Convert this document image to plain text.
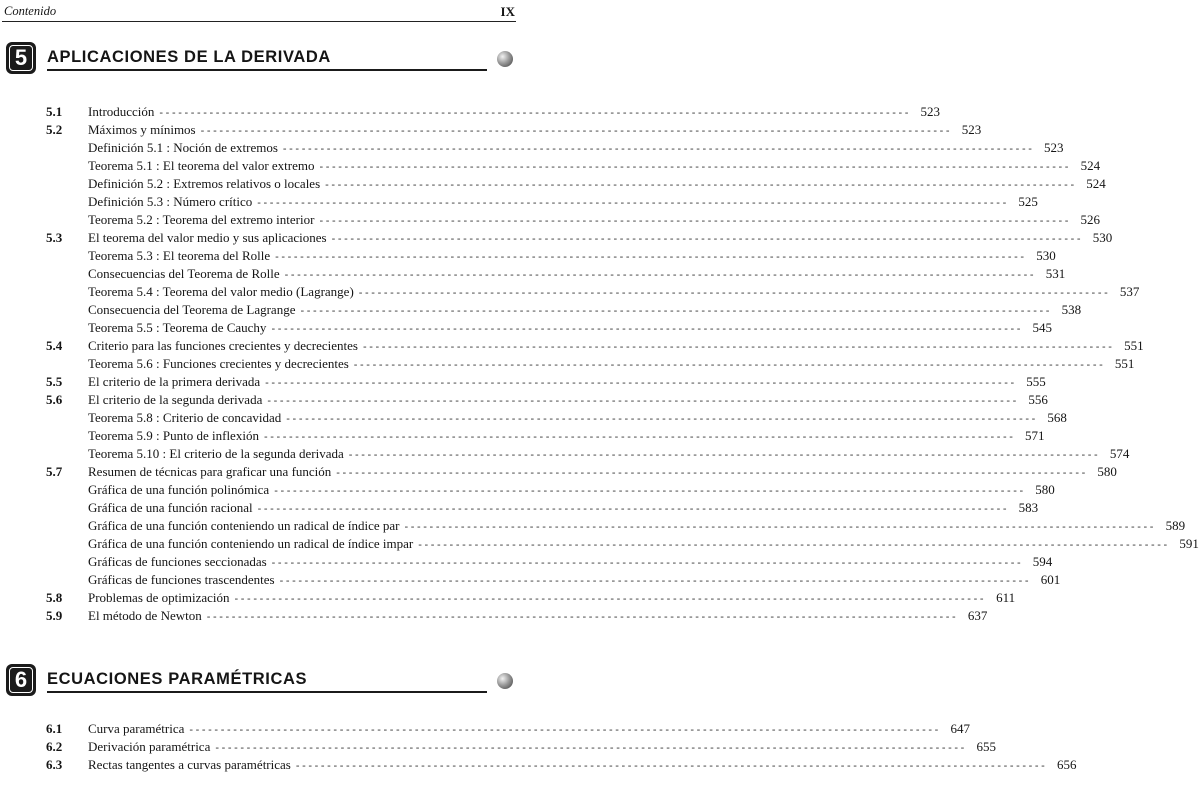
Contenido	IX
5	APLICACIONES DE LA DERIVADA
5.1 Introducción ------------------------------------------------------------------------------------------------------------------------ 523
5.2 Máximos y mínimos ------------------------------------------------------------------------------------------------------------------------ 523
Definición 5.1 : Noción de extremos ------------------------------------------------------------------------------------------------------------------------ 523
Teorema 5.1 : El teorema del valor extremo ------------------------------------------------------------------------------------------------------------------------ 524
Definición 5.2 : Extremos relativos o locales ------------------------------------------------------------------------------------------------------------------------ 524
Definición 5.3 : Número crítico ------------------------------------------------------------------------------------------------------------------------ 525
Teorema 5.2 : Teorema del extremo interior ------------------------------------------------------------------------------------------------------------------------ 526
5.3 El teorema del valor medio y sus aplicaciones ------------------------------------------------------------------------------------------------------------------------ 530
Teorema 5.3 : El teorema del Rolle ------------------------------------------------------------------------------------------------------------------------ 530
Consecuencias del Teorema de Rolle ------------------------------------------------------------------------------------------------------------------------ 531
Teorema 5.4 : Teorema del valor medio (Lagrange) ------------------------------------------------------------------------------------------------------------------------ 537
Consecuencia del Teorema de Lagrange ------------------------------------------------------------------------------------------------------------------------ 538
Teorema 5.5 : Teorema de Cauchy ------------------------------------------------------------------------------------------------------------------------ 545
5.4 Criterio para las funciones crecientes y decrecientes ------------------------------------------------------------------------------------------------------------------------ 551
Teorema 5.6 : Funciones crecientes y decrecientes ------------------------------------------------------------------------------------------------------------------------ 551
5.5 El criterio de la primera derivada ------------------------------------------------------------------------------------------------------------------------ 555
5.6 El criterio de la segunda derivada ------------------------------------------------------------------------------------------------------------------------ 556
Teorema 5.8 : Criterio de concavidad ------------------------------------------------------------------------------------------------------------------------ 568
Teorema 5.9 : Punto de inflexión ------------------------------------------------------------------------------------------------------------------------ 571
Teorema 5.10 : El criterio de la segunda derivada ------------------------------------------------------------------------------------------------------------------------ 574
5.7 Resumen de técnicas para graficar una función ------------------------------------------------------------------------------------------------------------------------ 580
Gráfica de una función polinómica ------------------------------------------------------------------------------------------------------------------------ 580
Gráfica de una función racional ------------------------------------------------------------------------------------------------------------------------ 583
Gráfica de una función conteniendo un radical de índice par ------------------------------------------------------------------------------------------------------------------------ 589
Gráfica de una función conteniendo un radical de índice impar ------------------------------------------------------------------------------------------------------------------------ 591
Gráficas de funciones seccionadas ------------------------------------------------------------------------------------------------------------------------ 594
Gráficas de funciones trascendentes ------------------------------------------------------------------------------------------------------------------------ 601
5.8 Problemas de optimización ------------------------------------------------------------------------------------------------------------------------ 611
5.9 El método de Newton ------------------------------------------------------------------------------------------------------------------------ 637
6	ECUACIONES PARAMÉTRICAS
6.1 Curva paramétrica ------------------------------------------------------------------------------------------------------------------------ 647
6.2 Derivación paramétrica ------------------------------------------------------------------------------------------------------------------------ 655
6.3 Rectas tangentes a curvas paramétricas ------------------------------------------------------------------------------------------------------------------------ 656
